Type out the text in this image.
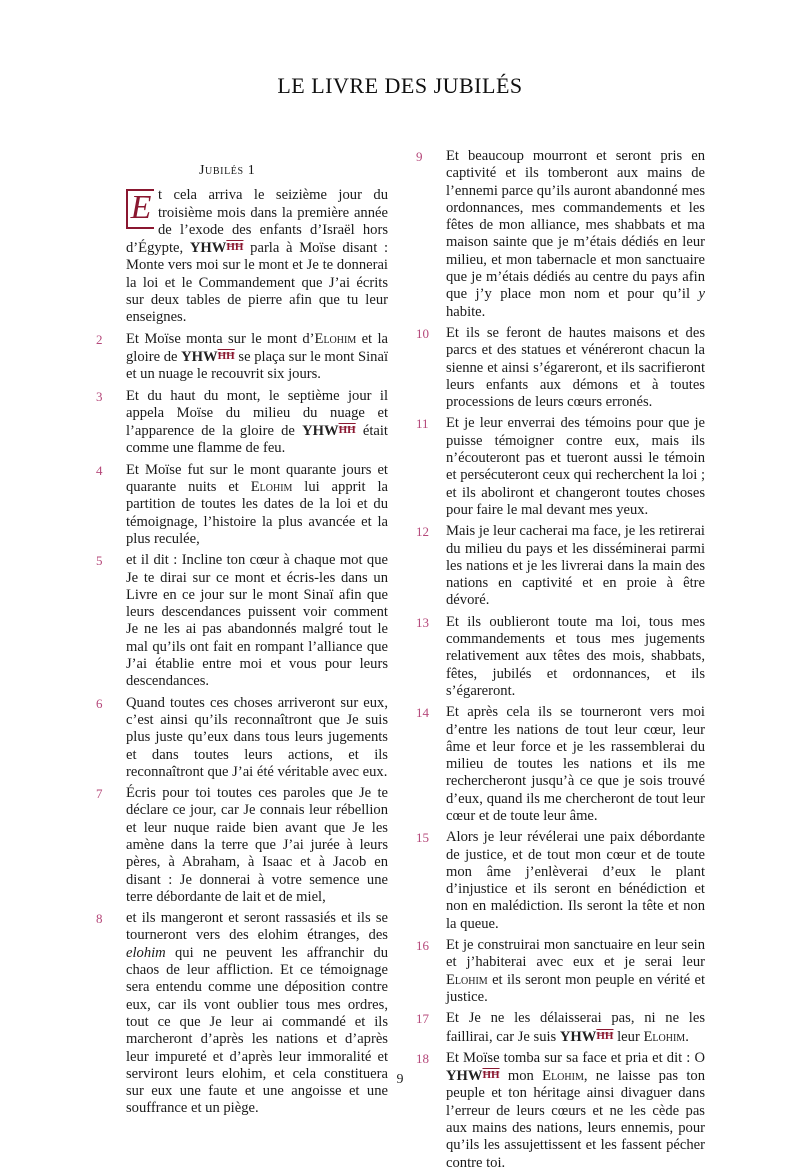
LE LIVRE DES JUBILÉS
Jubilés 1
E t cela arriva le seizième jour du troisième mois dans la première année de l’exode des enfants d’Israël hors d’Égypte, $YHW\overline{ĦĦ}$ parla à Moïse disant : Monte vers moi sur le mont et Je te donnerai la loi et le Commandement que J’ai écrits sur deux tables de pierre afin que tu leur enseignes.
2	Et Moïse monta sur le mont d’Elohim et la gloire de $YHW\overline{ĦĦ}$ se plaça sur le mont Sinaï et un nuage le recouvrit six jours.
3	Et du haut du mont, le septième jour il appela Moïse du milieu du nuage et l’apparence de la gloire de $YHW\overline{ĦĦ}$ était comme une flamme de feu.
4	Et Moïse fut sur le mont quarante jours et quarante nuits et Elohim lui apprit la partition de toutes les dates de la loi et du témoignage, l’histoire la plus avancée et la plus reculée,
5	et il dit : Incline ton cœur à chaque mot que Je te dirai sur ce mont et écris-les dans un Livre en ce jour sur le mont Sinaï afin que leurs descendances puissent voir comment Je ne les ai pas abandonnés malgré tout le mal qu’ils ont fait en rompant l’alliance que J’ai établie entre moi et vous pour leurs descendances.
6	Quand toutes ces choses arriveront sur eux, c’est ainsi qu’ils reconnaîtront que Je suis plus juste qu’eux dans tous leurs jugements et dans toutes leurs actions, et ils reconnaîtront que J’ai été véritable avec eux.
7	Écris pour toi toutes ces paroles que Je te déclare ce jour, car Je connais leur rébellion et leur nuque raide bien avant que Je les amène dans la terre que J’ai jurée à leurs pères, à Abraham, à Isaac et à Jacob en disant : Je donnerai à votre semence une terre débordante de lait et de miel,
8	et ils mangeront et seront rassasiés et ils se tourneront vers des elohim étranges, des elohim qui ne peuvent les affranchir du chaos de leur affliction. Et ce témoignage sera entendu comme une déposition contre eux, car ils vont oublier tous mes ordres, tout ce que Je leur ai commandé et ils marcheront d’après les nations et d’après leur impureté et d’après leur immoralité et serviront leurs elohim, et cela constituera sur eux une faute et une angoisse et une souffrance et un piège.
9	Et beaucoup mourront et seront pris en captivité et ils tomberont aux mains de l’ennemi parce qu’ils auront abandonné mes ordonnances, mes commandements et les fêtes de mon alliance, mes shabbats et ma maison sainte que je m’étais dédiés en leur milieu, et mon tabernacle et mon sanctuaire que je m’étais dédiés au centre du pays afin que j’y place mon nom et pour qu’il y habite.
10	Et ils se feront de hautes maisons et des parcs et des statues et vénéreront chacun la sienne et ainsi s’égareront, et ils sacrifieront leurs enfants aux démons et à toutes processions de leurs cœurs erronés.
11	Et je leur enverrai des témoins pour que je puisse témoigner contre eux, mais ils n’écouteront pas et tueront aussi le témoin et persécuteront ceux qui recherchent la loi ; et ils aboliront et changeront toutes choses pour faire le mal devant mes yeux.
12	Mais je leur cacherai ma face, je les retirerai du milieu du pays et les disséminerai parmi les nations et je les livrerai dans la main des nations en captivité et en proie à être dévoré.
13	Et ils oublieront toute ma loi, tous mes commandements et tous mes jugements relativement aux têtes des mois, shabbats, fêtes, jubilés et ordonnances, et ils s’égareront.
14	Et après cela ils se tourneront vers moi d’entre les nations de tout leur cœur, leur âme et leur force et je les rassemblerai du milieu de toutes les nations et ils me rechercheront jusqu’à ce que je sois trouvé d’eux, quand ils me chercheront de tout leur cœur et de toute leur âme.
15	Alors je leur révélerai une paix débordante de justice, et de tout mon cœur et de toute mon âme j’enlèverai d’eux le plant d’injustice et ils seront en bénédiction et non en malédiction. Ils seront la tête et non la queue.
16	Et je construirai mon sanctuaire en leur sein et j’habiterai avec eux et je serai leur Elohim et ils seront mon peuple en vérité et justice.
17	Et Je ne les délaisserai pas, ni ne les faillirai, car Je suis $YHW\overline{ĦĦ}$ leur Elohim.
18	Et Moïse tomba sur sa face et pria et dit : O $YHW\overline{ĦĦ}$ mon Elohim, ne laisse pas ton peuple et ton héritage ainsi divaguer dans l’erreur de leurs cœurs et ne les cède pas aux mains des nations, leurs ennemis, pour qu’ils les assujettissent et les fassent pécher contre toi.
9
